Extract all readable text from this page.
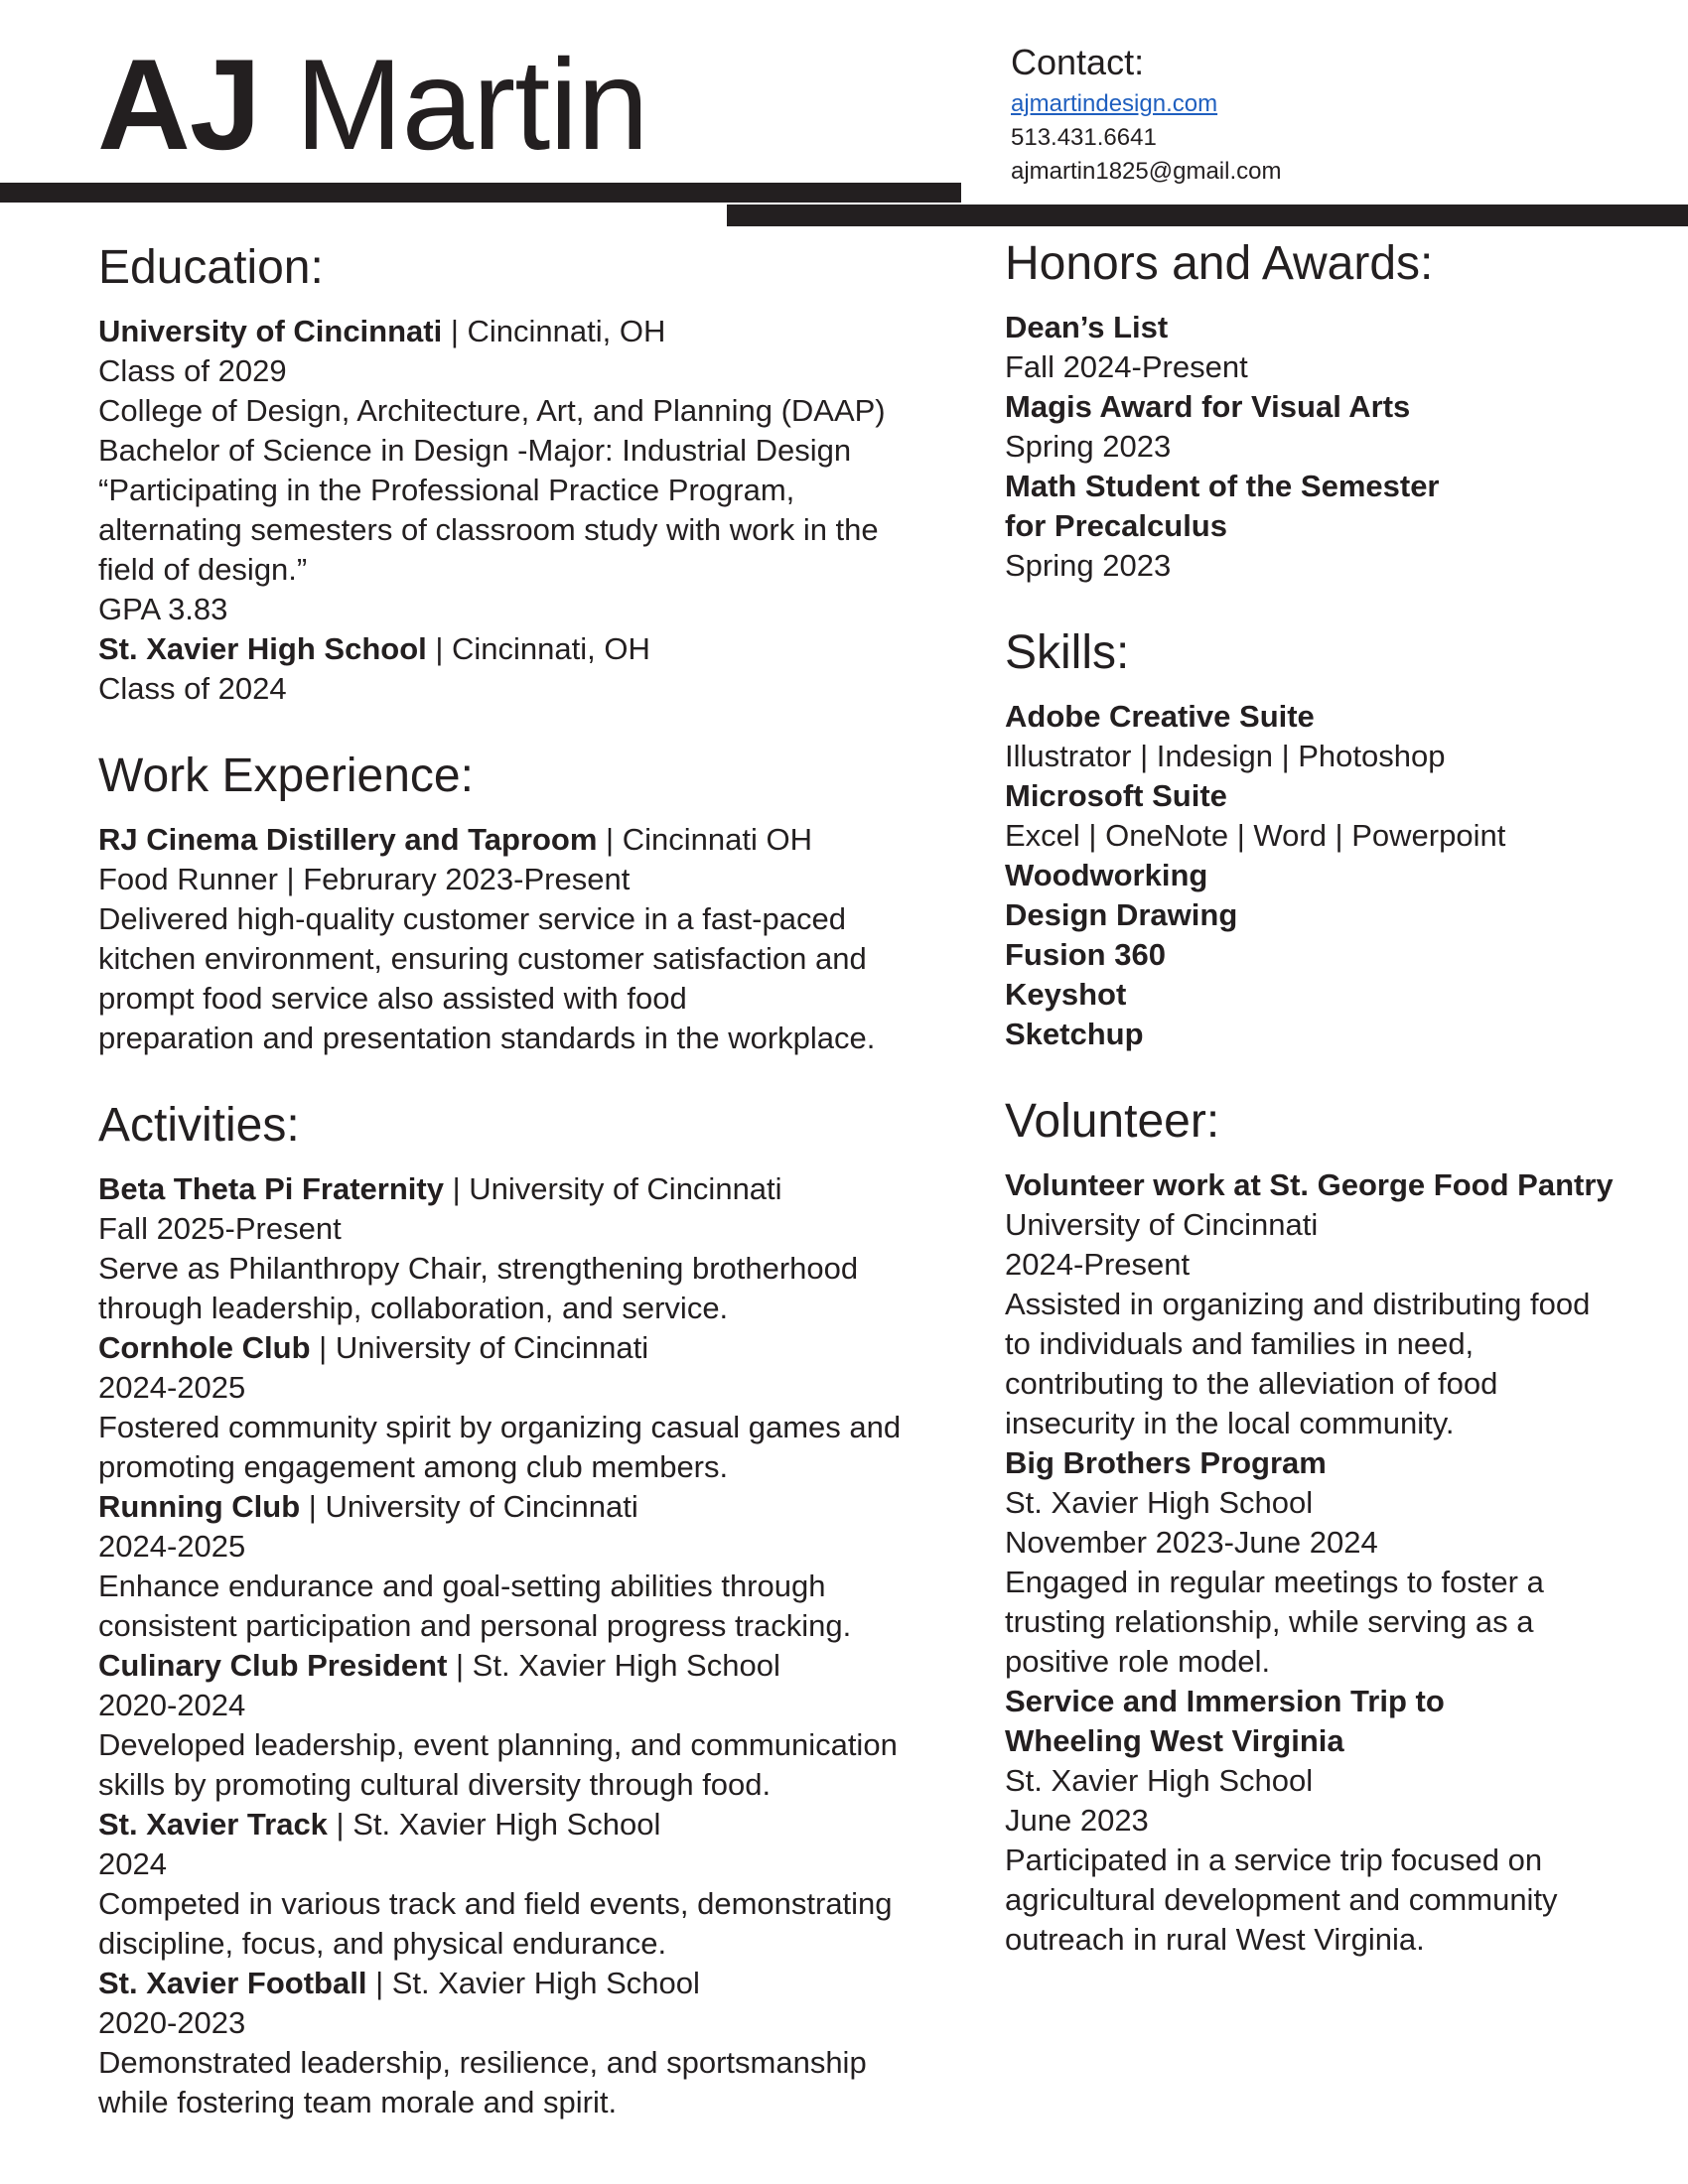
AJ Martin	Contact:
ajmartindesign.com
513.431.6641
ajmartin1825@gmail.com
Education:
University of Cincinnati | Cincinnati, OH
Class of 2029
College of Design, Architecture, Art, and Planning (DAAP)
Bachelor of Science in Design -Major: Industrial Design
“Participating in the Professional Practice Program,
alternating semesters of classroom study with work in the
field of design.”
GPA 3.83
St. Xavier High School | Cincinnati, OH
Class of 2024
Work Experience:
RJ Cinema Distillery and Taproom | Cincinnati OH
Food Runner | Februrary 2023-Present
Delivered high-quality customer service in a fast-paced
kitchen environment, ensuring customer satisfaction and
prompt food service also assisted with food
preparation and presentation standards in the workplace.
Activities:
Beta Theta Pi Fraternity | University of Cincinnati
Fall 2025-Present
Serve as Philanthropy Chair, strengthening brotherhood
through leadership, collaboration, and service.
Cornhole Club | University of Cincinnati
2024-2025
Fostered community spirit by organizing casual games and
promoting engagement among club members.
Running Club | University of Cincinnati
2024-2025
Enhance endurance and goal-setting abilities through
consistent participation and personal progress tracking.
Culinary Club President | St. Xavier High School
2020-2024
Developed leadership, event planning, and communication
skills by promoting cultural diversity through food.
St. Xavier Track | St. Xavier High School
2024
Competed in various track and field events, demonstrating
discipline, focus, and physical endurance.
St. Xavier Football | St. Xavier High School
2020-2023
Demonstrated leadership, resilience, and sportsmanship
while fostering team morale and spirit.
Honors and Awards:
Dean’s List
Fall 2024-Present
Magis Award for Visual Arts
Spring 2023
Math Student of the Semester
for Precalculus
Spring 2023
Skills:
Adobe Creative Suite
Illustrator | Indesign | Photoshop
Microsoft Suite
Excel | OneNote | Word | Powerpoint
Woodworking
Design Drawing
Fusion 360
Keyshot
Sketchup
Volunteer:
Volunteer work at St. George Food Pantry
University of Cincinnati
2024-Present
Assisted in organizing and distributing food
to individuals and families in need,
contributing to the alleviation of food
insecurity in the local community.
Big Brothers Program
St. Xavier High School
November 2023-June 2024
Engaged in regular meetings to foster a
trusting relationship, while serving as a
positive role model.
Service and Immersion Trip to
Wheeling West Virginia
St. Xavier High School
June 2023
Participated in a service trip focused on
agricultural development and community
outreach in rural West Virginia.
